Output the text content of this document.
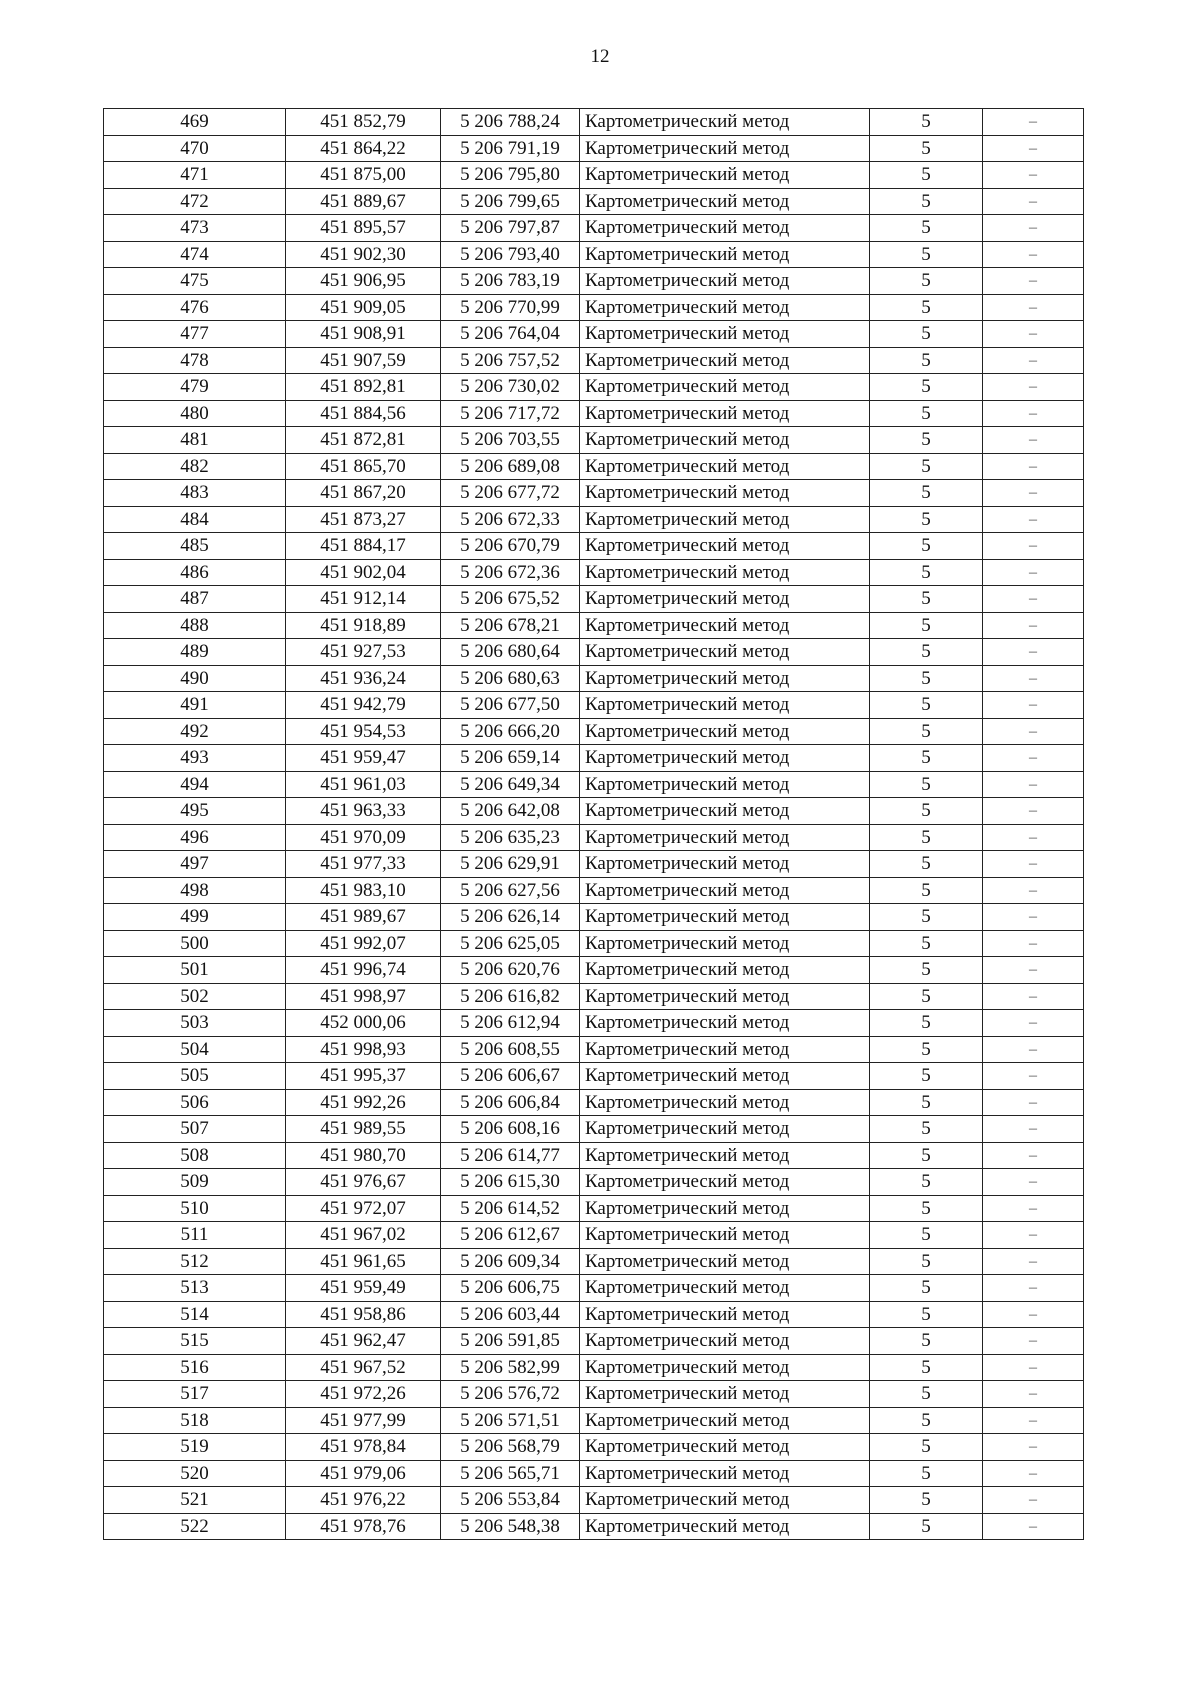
12
469	451 852,79	5 206 788,24	Картометрический метод	5	–
470	451 864,22	5 206 791,19	Картометрический метод	5	–
471	451 875,00	5 206 795,80	Картометрический метод	5	–
472	451 889,67	5 206 799,65	Картометрический метод	5	–
473	451 895,57	5 206 797,87	Картометрический метод	5	–
474	451 902,30	5 206 793,40	Картометрический метод	5	–
475	451 906,95	5 206 783,19	Картометрический метод	5	–
476	451 909,05	5 206 770,99	Картометрический метод	5	–
477	451 908,91	5 206 764,04	Картометрический метод	5	–
478	451 907,59	5 206 757,52	Картометрический метод	5	–
479	451 892,81	5 206 730,02	Картометрический метод	5	–
480	451 884,56	5 206 717,72	Картометрический метод	5	–
481	451 872,81	5 206 703,55	Картометрический метод	5	–
482	451 865,70	5 206 689,08	Картометрический метод	5	–
483	451 867,20	5 206 677,72	Картометрический метод	5	–
484	451 873,27	5 206 672,33	Картометрический метод	5	–
485	451 884,17	5 206 670,79	Картометрический метод	5	–
486	451 902,04	5 206 672,36	Картометрический метод	5	–
487	451 912,14	5 206 675,52	Картометрический метод	5	–
488	451 918,89	5 206 678,21	Картометрический метод	5	–
489	451 927,53	5 206 680,64	Картометрический метод	5	–
490	451 936,24	5 206 680,63	Картометрический метод	5	–
491	451 942,79	5 206 677,50	Картометрический метод	5	–
492	451 954,53	5 206 666,20	Картометрический метод	5	–
493	451 959,47	5 206 659,14	Картометрический метод	5	–
494	451 961,03	5 206 649,34	Картометрический метод	5	–
495	451 963,33	5 206 642,08	Картометрический метод	5	–
496	451 970,09	5 206 635,23	Картометрический метод	5	–
497	451 977,33	5 206 629,91	Картометрический метод	5	–
498	451 983,10	5 206 627,56	Картометрический метод	5	–
499	451 989,67	5 206 626,14	Картометрический метод	5	–
500	451 992,07	5 206 625,05	Картометрический метод	5	–
501	451 996,74	5 206 620,76	Картометрический метод	5	–
502	451 998,97	5 206 616,82	Картометрический метод	5	–
503	452 000,06	5 206 612,94	Картометрический метод	5	–
504	451 998,93	5 206 608,55	Картометрический метод	5	–
505	451 995,37	5 206 606,67	Картометрический метод	5	–
506	451 992,26	5 206 606,84	Картометрический метод	5	–
507	451 989,55	5 206 608,16	Картометрический метод	5	–
508	451 980,70	5 206 614,77	Картометрический метод	5	–
509	451 976,67	5 206 615,30	Картометрический метод	5	–
510	451 972,07	5 206 614,52	Картометрический метод	5	–
511	451 967,02	5 206 612,67	Картометрический метод	5	–
512	451 961,65	5 206 609,34	Картометрический метод	5	–
513	451 959,49	5 206 606,75	Картометрический метод	5	–
514	451 958,86	5 206 603,44	Картометрический метод	5	–
515	451 962,47	5 206 591,85	Картометрический метод	5	–
516	451 967,52	5 206 582,99	Картометрический метод	5	–
517	451 972,26	5 206 576,72	Картометрический метод	5	–
518	451 977,99	5 206 571,51	Картометрический метод	5	–
519	451 978,84	5 206 568,79	Картометрический метод	5	–
520	451 979,06	5 206 565,71	Картометрический метод	5	–
521	451 976,22	5 206 553,84	Картометрический метод	5	–
522	451 978,76	5 206 548,38	Картометрический метод	5	–
